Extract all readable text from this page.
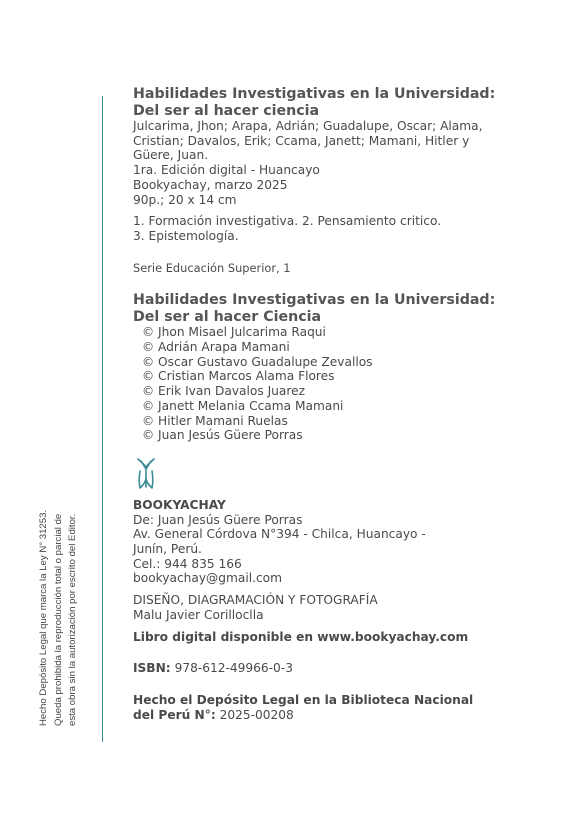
Hecho Depósito Legal que marca la Ley N° 31253. Queda prohibida la reproducción total o parcial de esta obra sin la autorización por escrito del Editor.

Habilidades Investigativas en la Universidad:
Del ser al hacer ciencia

Julcarima, Jhon; Arapa, Adrián; Guadalupe, Oscar; Alama,
Cristian; Davalos, Erik; Ccama, Janett; Mamani, Hitler y
Güere, Juan.
1ra. Edición digital - Huancayo
Bookyachay, marzo 2025
90p.; 20 x 14 cm
1. Formación investigativa. 2. Pensamiento critico.
3. Epistemología.
Serie Educación Superior, 1

Habilidades Investigativas en la Universidad:
Del ser al hacer Ciencia

© Jhon Misael Julcarima Raqui
© Adrián Arapa Mamani
© Oscar Gustavo Guadalupe Zevallos
© Cristian Marcos Alama Flores
© Erik Ivan Davalos Juarez
© Janett Melania Ccama Mamani
© Hitler Mamani Ruelas
© Juan Jesús Güere Porras
BOOKYACHAY
De: Juan Jesús Güere Porras
Av. General Córdova N°394 - Chilca, Huancayo -
Junín, Perú.
Cel.: 944 835 166
bookyachay@gmail.com
DISEÑO, DIAGRAMACIÓN Y FOTOGRAFÍA
Malu Javier Corilloclla
Libro digital disponible en www.bookyachay.com
ISBN: 978-612-49966-0-3
Hecho el Depósito Legal en la Biblioteca Nacional
del Perú N°: 2025-00208
